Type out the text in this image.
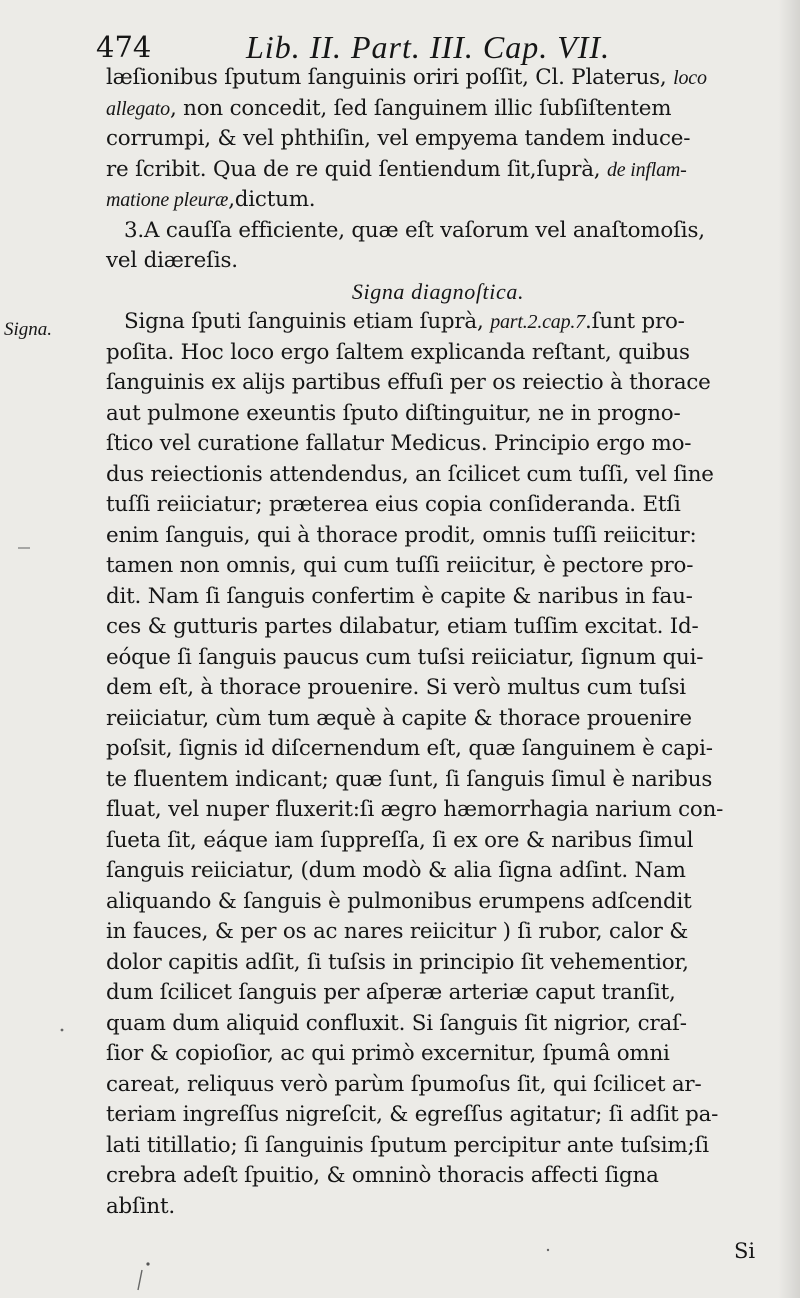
474	Lib. II. Part. III. Cap. VII.
Signa.
læſionibus ſputum ſanguinis oriri poſſit, Cl. Platerus, loco
allegato, non concedit, ſed ſanguinem illic ſubſiſtentem
corrumpi, & vel phthiſin, vel empyema tandem induce-
re ſcribit. Qua de re quid ſentiendum ſit,ſuprà, de inflam-
matione pleuræ,dictum.
3.A cauſſa efficiente, quæ eſt vaſorum vel anaſtomoſis,
vel diæreſis.
Signa diagnoſtica.
Signa ſputi ſanguinis etiam ſuprà, part.2.cap.7.ſunt pro-
poſita. Hoc loco ergo ſaltem explicanda reſtant, quibus
ſanguinis ex alijs partibus effuſi per os reiectio à thorace
aut pulmone exeuntis ſputo diſtinguitur, ne in progno-
ſtico vel curatione fallatur Medicus. Principio ergo mo-
dus reiectionis attendendus, an ſcilicet cum tuſſi, vel ſine
tuſſi reiiciatur; præterea eius copia conſideranda. Etſi
enim ſanguis, qui à thorace prodit, omnis tuſſi reiicitur:
tamen non omnis, qui cum tuſſi reiicitur, è pectore pro-
dit. Nam ſi ſanguis confertim è capite & naribus in fau-
ces & gutturis partes dilabatur, etiam tuſſim excitat. Id-
eóque ſi ſanguis paucus cum tuſsi reiiciatur, ſignum qui-
dem eſt, à thorace prouenire. Si verò multus cum tuſsi
reiiciatur, cùm tum æquè à capite & thorace prouenire
poſsit, ſignis id diſcernendum eſt, quæ ſanguinem è capi-
te fluentem indicant; quæ ſunt, ſi ſanguis ſimul è naribus
fluat, vel nuper fluxerit:ſi ægro hæmorrhagia narium con-
ſueta ſit, eáque iam ſuppreſſa, ſi ex ore & naribus ſimul
ſanguis reiiciatur, (dum modò & alia ſigna adſint. Nam
aliquando & ſanguis è pulmonibus erumpens adſcendit
in fauces, & per os ac nares reiicitur ) ſi rubor, calor &
dolor capitis adſit, ſi tuſsis in principio ſit vehementior,
dum ſcilicet ſanguis per aſperæ arteriæ caput tranſit,
quam dum aliquid confluxit. Si ſanguis ſit nigrior, craſ-
ſior & copioſior, ac qui primò excernitur, ſpumâ omni
careat, reliquus verò parùm ſpumoſus ſit, qui ſcilicet ar-
teriam ingreſſus nigreſcit, & egreſſus agitatur; ſi adſit pa-
lati titillatio; ſi ſanguinis ſputum percipitur ante tuſsim;ſi
crebra adeſt ſpuitio, & omninò thoracis affecti ſigna
abſint.
Si
